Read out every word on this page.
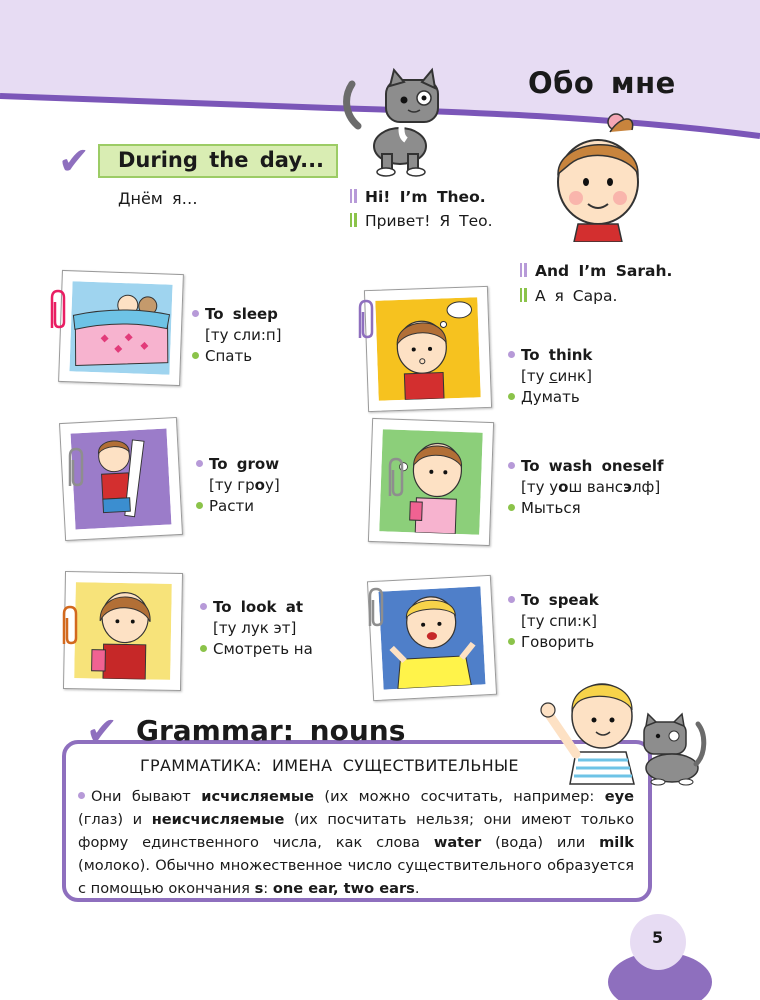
Обо мне
✔	During the day...
Днём я…	Hi! I’m Theo.
Привет! Я Тео.
And I’m Sarah.
А я Сара.
To sleep
[ту сли:п]
Спать
To grow
[ту гроу]
Расти
To look at
[ту лук эт]
Смотреть на
To think
[ту синк]
Думать
To wash oneself
[ту уош вансэлф]
Мыться
To speak
[ту спи:к]
Говорить
✔ Grammar: nouns
ГРАММАТИКА: ИМЕНА СУЩЕСТВИТЕЛЬНЫЕ
Они бывают исчисляемые (их можно сосчитать, например: eye (глаз) и неисчисляемые (их посчитать нельзя; они имеют только форму единственного числа, как слова water (вода) или milk (молоко). Обычно множественное число существительного образуется с помощью окончания s: one ear, two ears.
5
